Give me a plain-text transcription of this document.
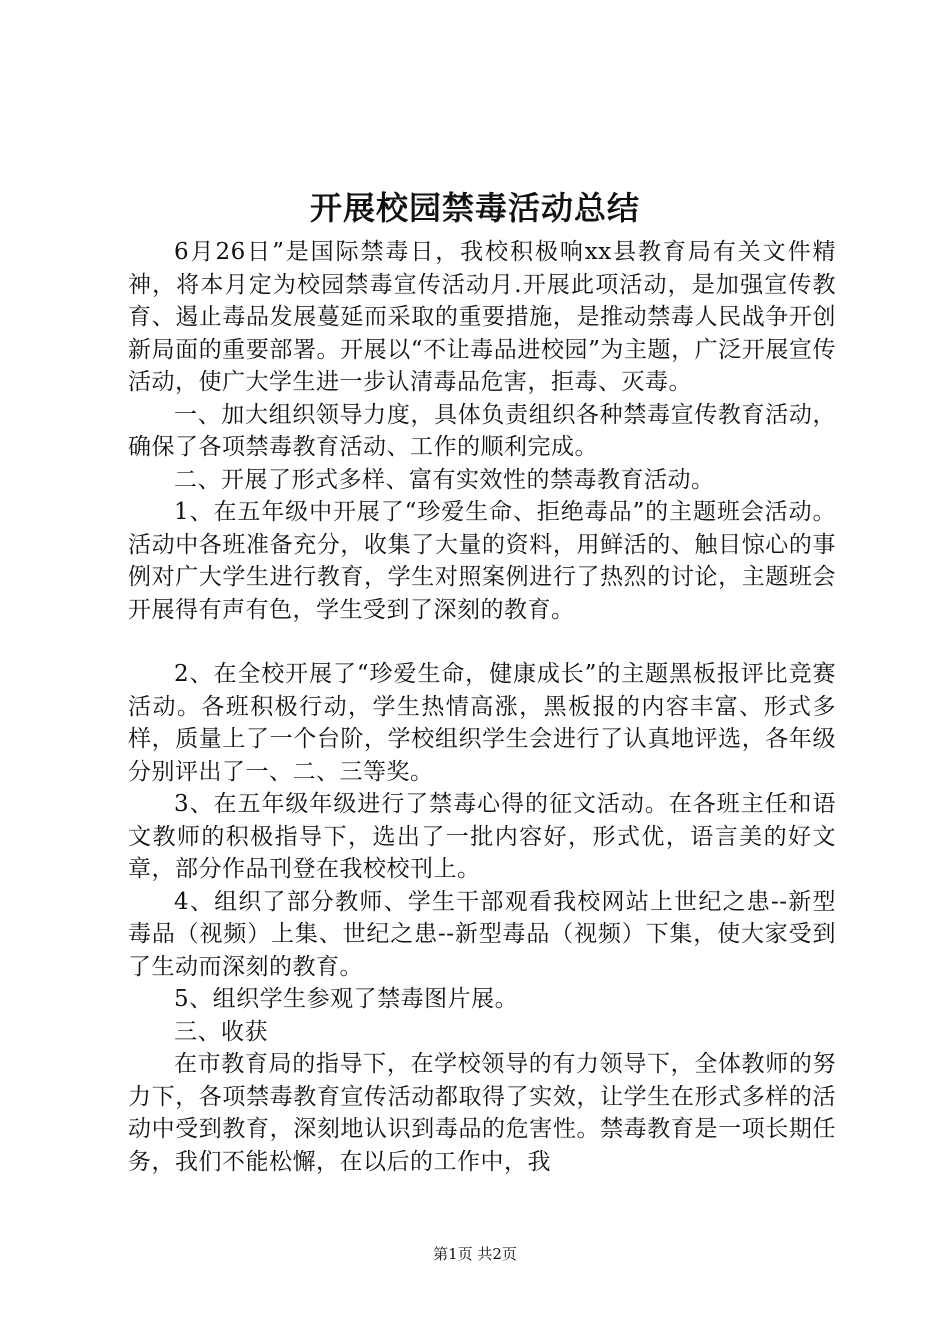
开展校园禁毒活动总结

6月26日”是国际禁毒日，我校积极响xx县教育局有关文件精神，将本月定为校园禁毒宣传活动月.开展此项活动，是加强宣传教育、遏止毒品发展蔓延而采取的重要措施，是推动禁毒人民战争开创新局面的重要部署。开展以“不让毒品进校园”为主题，广泛开展宣传活动，使广大学生进一步认清毒品危害，拒毒、灭毒。

一、加大组织领导力度，具体负责组织各种禁毒宣传教育活动，确保了各项禁毒教育活动、工作的顺利完成。

二、开展了形式多样、富有实效性的禁毒教育活动。

1、在五年级中开展了“珍爱生命、拒绝毒品”的主题班会活动。活动中各班准备充分，收集了大量的资料，用鲜活的、触目惊心的事例对广大学生进行教育，学生对照案例进行了热烈的讨论，主题班会开展得有声有色，学生受到了深刻的教育。

2、在全校开展了“珍爱生命，健康成长”的主题黑板报评比竞赛活动。各班积极行动，学生热情高涨，黑板报的内容丰富、形式多样，质量上了一个台阶，学校组织学生会进行了认真地评选，各年级分别评出了一、二、三等奖。

3、在五年级年级进行了禁毒心得的征文活动。在各班主任和语文教师的积极指导下，选出了一批内容好，形式优，语言美的好文章，部分作品刊登在我校校刊上。

4、组织了部分教师、学生干部观看我校网站上世纪之患--新型毒品（视频）上集、世纪之患--新型毒品（视频）下集，使大家受到了生动而深刻的教育。

5、组织学生参观了禁毒图片展。

三、收获

在市教育局的指导下，在学校领导的有力领导下，全体教师的努力下，各项禁毒教育宣传活动都取得了实效，让学生在形式多样的活动中受到教育，深刻地认识到毒品的危害性。禁毒教育是一项长期任务，我们不能松懈，在以后的工作中，我

第1页 共2页
